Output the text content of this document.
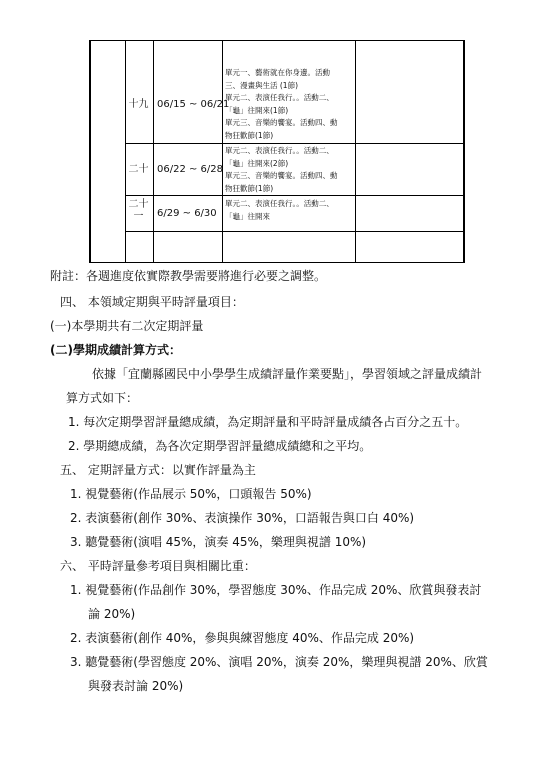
十九 06/15 ~ 06/21
單元一、藝術就在你身邊。活動
三、漫畫與生活 (1節)
單元二、表演任我行。。活動二、
「龜」往開來(1節)
單元三、音樂的饗宴。活動四、動
物狂歡節(1節)
二十 06/22 ~ 6/28
單元二、表演任我行。。活動二、
「龜」往開來(2節)
單元三、音樂的饗宴。活動四、動
物狂歡節(1節)
二十
一	6/29 ~ 6/30
單元二、表演任我行。。活動二、
「龜」往開來
附註：各週進度依實際教學需要將進行必要之調整。
四、 本領域定期與平時評量項目：
(一)本學期共有二次定期評量
(二)學期成績計算方式：
依據「宜蘭縣國民中小學學生成績評量作業要點」，學習領域之評量成績計
算方式如下：
1. 每次定期學習評量總成績，為定期評量和平時評量成績各占百分之五十。
2. 學期總成績，為各次定期學習評量總成績總和之平均。
五、 定期評量方式：以實作評量為主
1. 視覺藝術(作品展示 50%，口頭報告 50%)
2. 表演藝術(創作 30%、表演操作 30%，口語報告與口白 40%)
3. 聽覺藝術(演唱 45%，演奏 45%，樂理與視譜 10%)
六、 平時評量參考項目與相關比重：
1. 視覺藝術(作品創作 30%，學習態度 30%、作品完成 20%、欣賞與發表討
論 20%)
2. 表演藝術(創作 40%，參與與練習態度 40%、作品完成 20%)
3. 聽覺藝術(學習態度 20%、演唱 20%，演奏 20%，樂理與視譜 20%、欣賞
與發表討論 20%)
